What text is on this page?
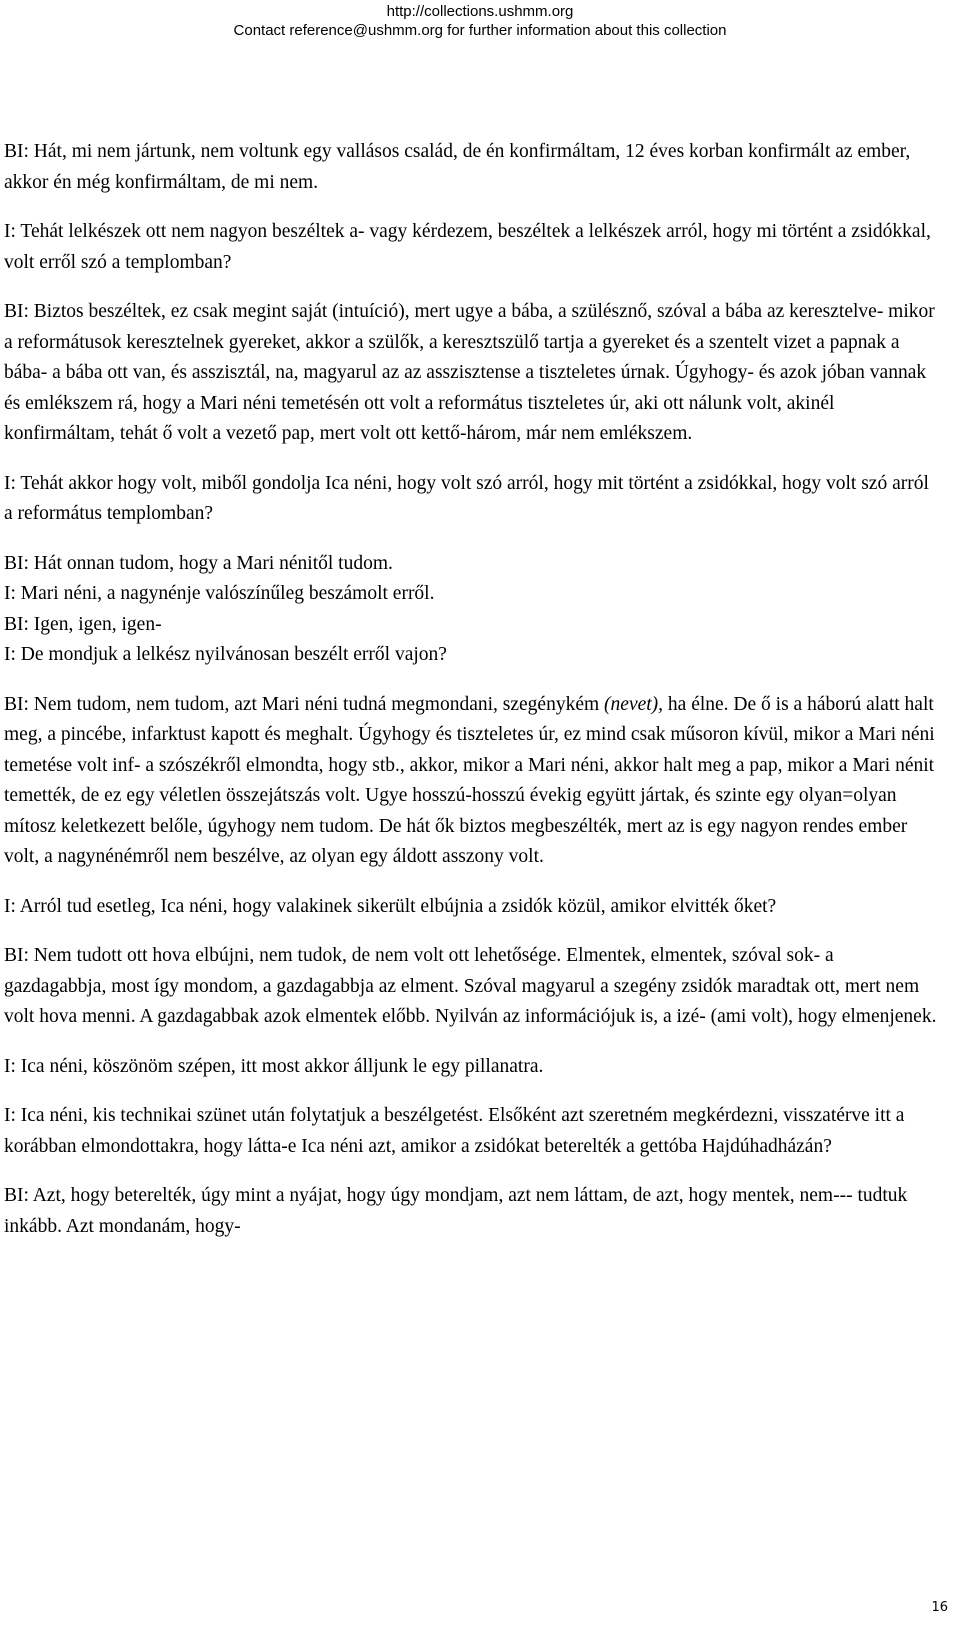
http://collections.ushmm.org
Contact reference@ushmm.org for further information about this collection

BI: Hát, mi nem jártunk, nem voltunk egy vallásos család, de én konfirmáltam, 12 éves korban konfirmált az ember, akkor én még konfirmáltam, de mi nem.

I: Tehát lelkészek ott nem nagyon beszéltek a- vagy kérdezem, beszéltek a lelkészek arról, hogy mi történt a zsidókkal, volt erről szó a templomban?

BI: Biztos beszéltek, ez csak megint saját (intuíció), mert ugye a bába, a szülésznő, szóval a bába az keresztelve- mikor a reformátusok keresztelnek gyereket, akkor a szülők, a keresztszülő tartja a gyereket és a szentelt vizet a papnak a bába- a bába ott van, és asszisztál, na, magyarul az az asszisztense a tiszteletes úrnak. Úgyhogy- és azok jóban vannak és emlékszem rá, hogy a Mari néni temetésén ott volt a református tiszteletes úr, aki ott nálunk volt, akinél konfirmáltam, tehát ő volt a vezető pap, mert volt ott kettő-három, már nem emlékszem.

I: Tehát akkor hogy volt, miből gondolja Ica néni, hogy volt szó arról, hogy mit történt a zsidókkal, hogy volt szó arról a református templomban?

BI: Hát onnan tudom, hogy a Mari nénitől tudom.
I: Mari néni, a nagynénje valószínűleg beszámolt erről.
BI: Igen, igen, igen-
I: De mondjuk a lelkész nyilvánosan beszélt erről vajon?

BI: Nem tudom, nem tudom, azt Mari néni tudná megmondani, szegénykém (nevet), ha élne. De ő is a háború alatt halt meg, a pincébe, infarktust kapott és meghalt. Úgyhogy és tiszteletes úr, ez mind csak műsoron kívül, mikor a Mari néni temetése volt inf- a szószékről elmondta, hogy stb., akkor, mikor a Mari néni, akkor halt meg a pap, mikor a Mari nénit temették, de ez egy véletlen összejátszás volt. Ugye hosszú-hosszú évekig együtt jártak, és szinte egy olyan=olyan mítosz keletkezett belőle, úgyhogy nem tudom. De hát ők biztos megbeszélték, mert az is egy nagyon rendes ember volt, a nagynénémről nem beszélve, az olyan egy áldott asszony volt.

I: Arról tud esetleg, Ica néni, hogy valakinek sikerült elbújnia a zsidók közül, amikor elvitték őket?

BI: Nem tudott ott hova elbújni, nem tudok, de nem volt ott lehetősége. Elmentek, elmentek, szóval sok- a gazdagabbja, most így mondom, a gazdagabbja az elment. Szóval magyarul a szegény zsidók maradtak ott, mert nem volt hova menni. A gazdagabbak azok elmentek előbb. Nyilván az információjuk is, a izé- (ami volt), hogy elmenjenek.

I: Ica néni, köszönöm szépen, itt most akkor álljunk le egy pillanatra.

I: Ica néni, kis technikai szünet után folytatjuk a beszélgetést. Elsőként azt szeretném megkérdezni, visszatérve itt a korábban elmondottakra, hogy látta-e Ica néni azt, amikor a zsidókat beterelték a gettóba Hajdúhadházán?

BI: Azt, hogy beterelték, úgy mint a nyájat, hogy úgy mondjam, azt nem láttam, de azt, hogy mentek, nem--- tudtuk inkább. Azt mondanám, hogy-

16
